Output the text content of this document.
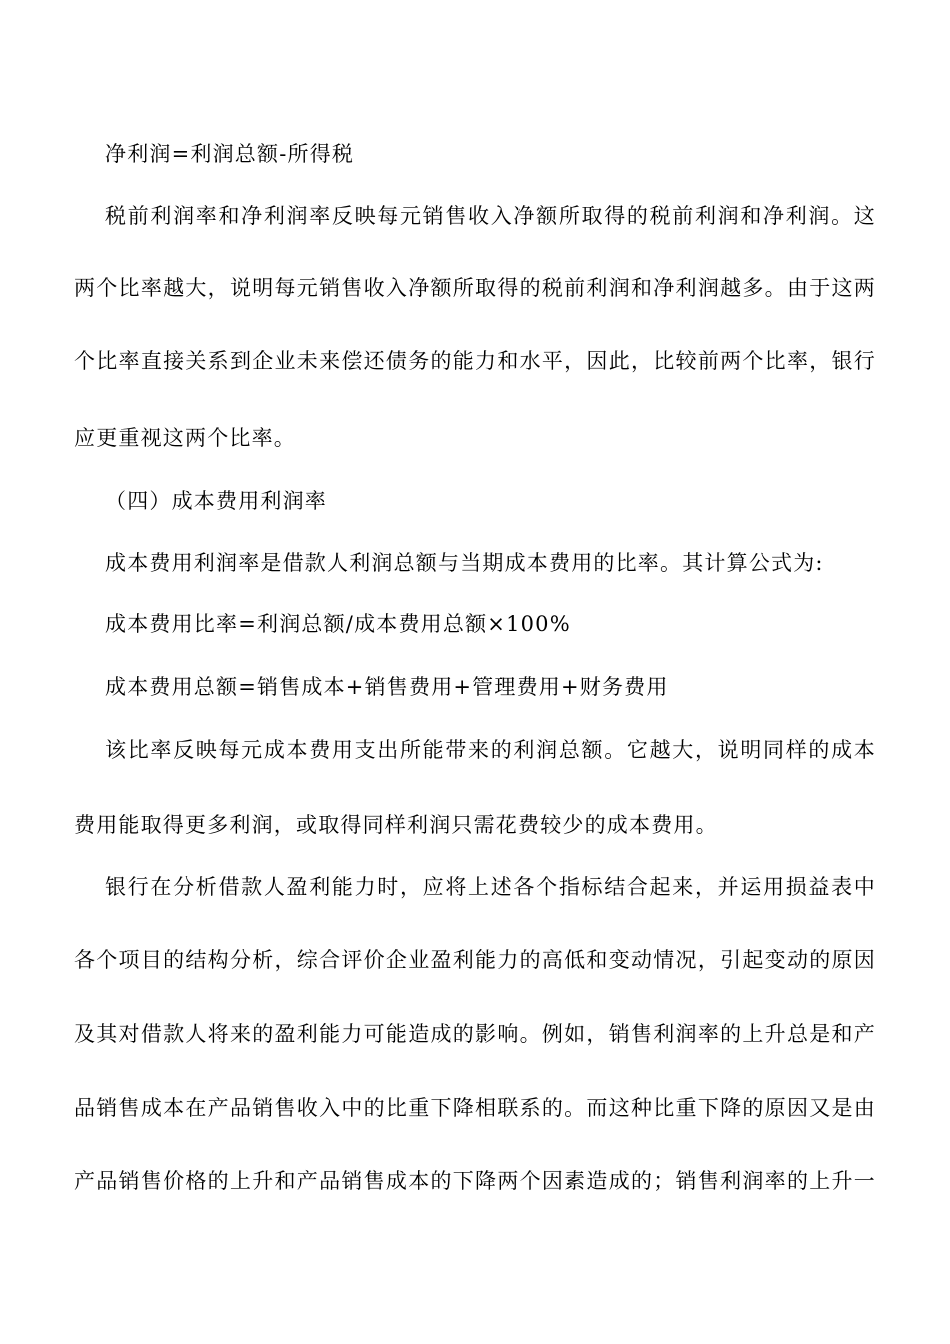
净利润=利润总额-所得税
税前利润率和净利润率反映每元销售收入净额所取得的税前利润和净利润。这
两个比率越大，说明每元销售收入净额所取得的税前利润和净利润越多。由于这两
个比率直接关系到企业未来偿还债务的能力和水平，因此，比较前两个比率，银行
应更重视这两个比率。
（四）成本费用利润率
成本费用利润率是借款人利润总额与当期成本费用的比率。其计算公式为:
成本费用比率=利润总额/成本费用总额×100%
成本费用总额=销售成本+销售费用+管理费用+财务费用
该比率反映每元成本费用支出所能带来的利润总额。它越大，说明同样的成本
费用能取得更多利润，或取得同样利润只需花费较少的成本费用。
银行在分析借款人盈利能力时，应将上述各个指标结合起来，并运用损益表中
各个项目的结构分析，综合评价企业盈利能力的高低和变动情况，引起变动的原因
及其对借款人将来的盈利能力可能造成的影响。例如，销售利润率的上升总是和产
品销售成本在产品销售收入中的比重下降相联系的。而这种比重下降的原因又是由
产品销售价格的上升和产品销售成本的下降两个因素造成的；销售利润率的上升一
